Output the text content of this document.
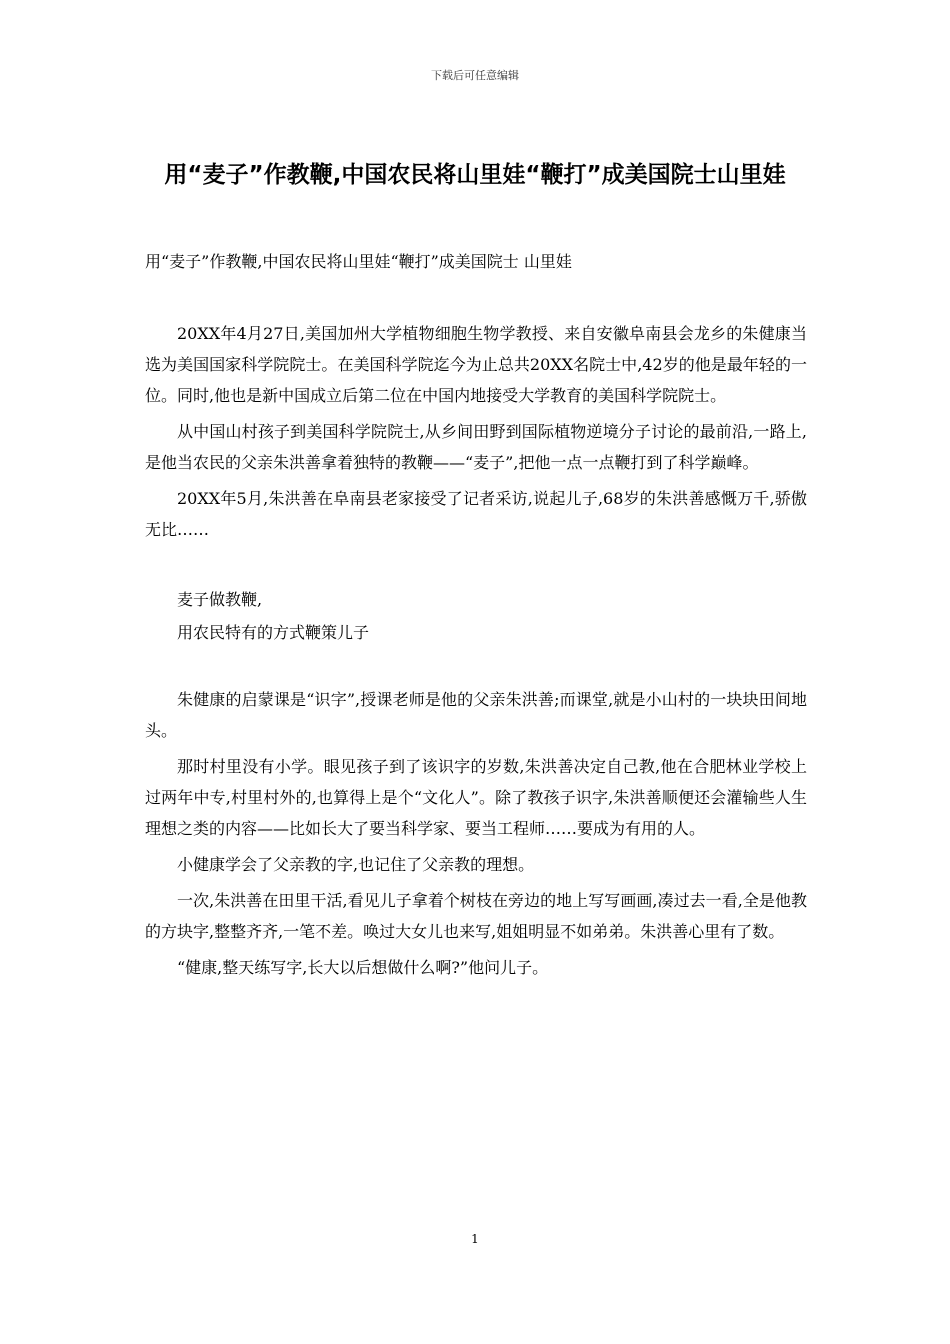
下载后可任意编辑
用“麦子”作教鞭,中国农民将山里娃“鞭打”成美国院士山里娃

用“麦子”作教鞭,中国农民将山里娃“鞭打”成美国院士 山里娃

20XX年4月27日,美国加州大学植物细胞生物学教授、来自安徽阜南县会龙乡的朱健康当选为美国国家科学院院士。在美国科学院迄今为止总共20XX名院士中,42岁的他是最年轻的一位。同时,他也是新中国成立后第二位在中国内地接受大学教育的美国科学院院士。

从中国山村孩子到美国科学院院士,从乡间田野到国际植物逆境分子讨论的最前沿,一路上,是他当农民的父亲朱洪善拿着独特的教鞭——“麦子”,把他一点一点鞭打到了科学巅峰。

20XX年5月,朱洪善在阜南县老家接受了记者采访,说起儿子,68岁的朱洪善感慨万千,骄傲无比……

麦子做教鞭,

用农民特有的方式鞭策儿子

朱健康的启蒙课是“识字”,授课老师是他的父亲朱洪善;而课堂,就是小山村的一块块田间地头。

那时村里没有小学。眼见孩子到了该识字的岁数,朱洪善决定自己教,他在合肥林业学校上过两年中专,村里村外的,也算得上是个“文化人”。除了教孩子识字,朱洪善顺便还会灌输些人生理想之类的内容——比如长大了要当科学家、要当工程师……要成为有用的人。

小健康学会了父亲教的字,也记住了父亲教的理想。

一次,朱洪善在田里干活,看见儿子拿着个树枝在旁边的地上写写画画,凑过去一看,全是他教的方块字,整整齐齐,一笔不差。唤过大女儿也来写,姐姐明显不如弟弟。朱洪善心里有了数。

“健康,整天练写字,长大以后想做什么啊?”他问儿子。

1
